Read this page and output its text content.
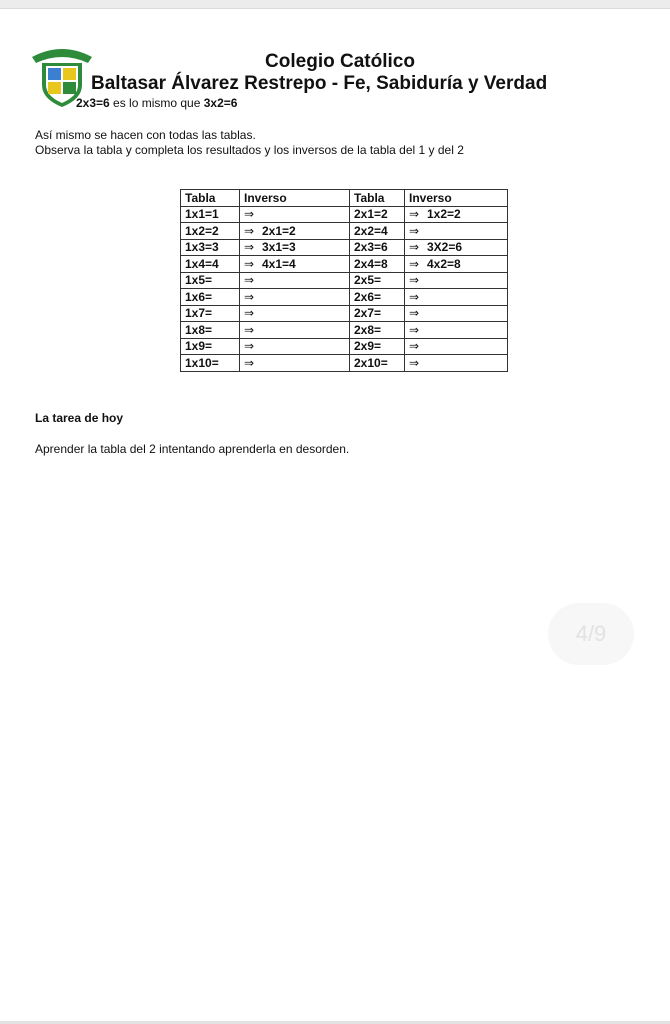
Colegio Católico
Baltasar Álvarez Restrepo - Fe, Sabiduría y Verdad
2x3=6 es lo mismo que 3x2=6
Así mismo se hacen con todas las tablas.
Observa la tabla y completa los resultados y los inversos de la tabla del 1 y del 2
Tabla	Inverso	Tabla	Inverso
1x1=1	⇒	2x1=2	⇒ 1x2=2
1x2=2	⇒ 2x1=2	2x2=4	⇒
1x3=3	⇒ 3x1=3	2x3=6	⇒ 3X2=6
1x4=4	⇒ 4x1=4	2x4=8	⇒ 4x2=8
1x5=	⇒	2x5=	⇒
1x6=	⇒	2x6=	⇒
1x7=	⇒	2x7=	⇒
1x8=	⇒	2x8=	⇒
1x9=	⇒	2x9=	⇒
1x10=	⇒	2x10=	⇒
La tarea de hoy
Aprender la tabla del 2 intentando aprenderla en desorden.
4/9
